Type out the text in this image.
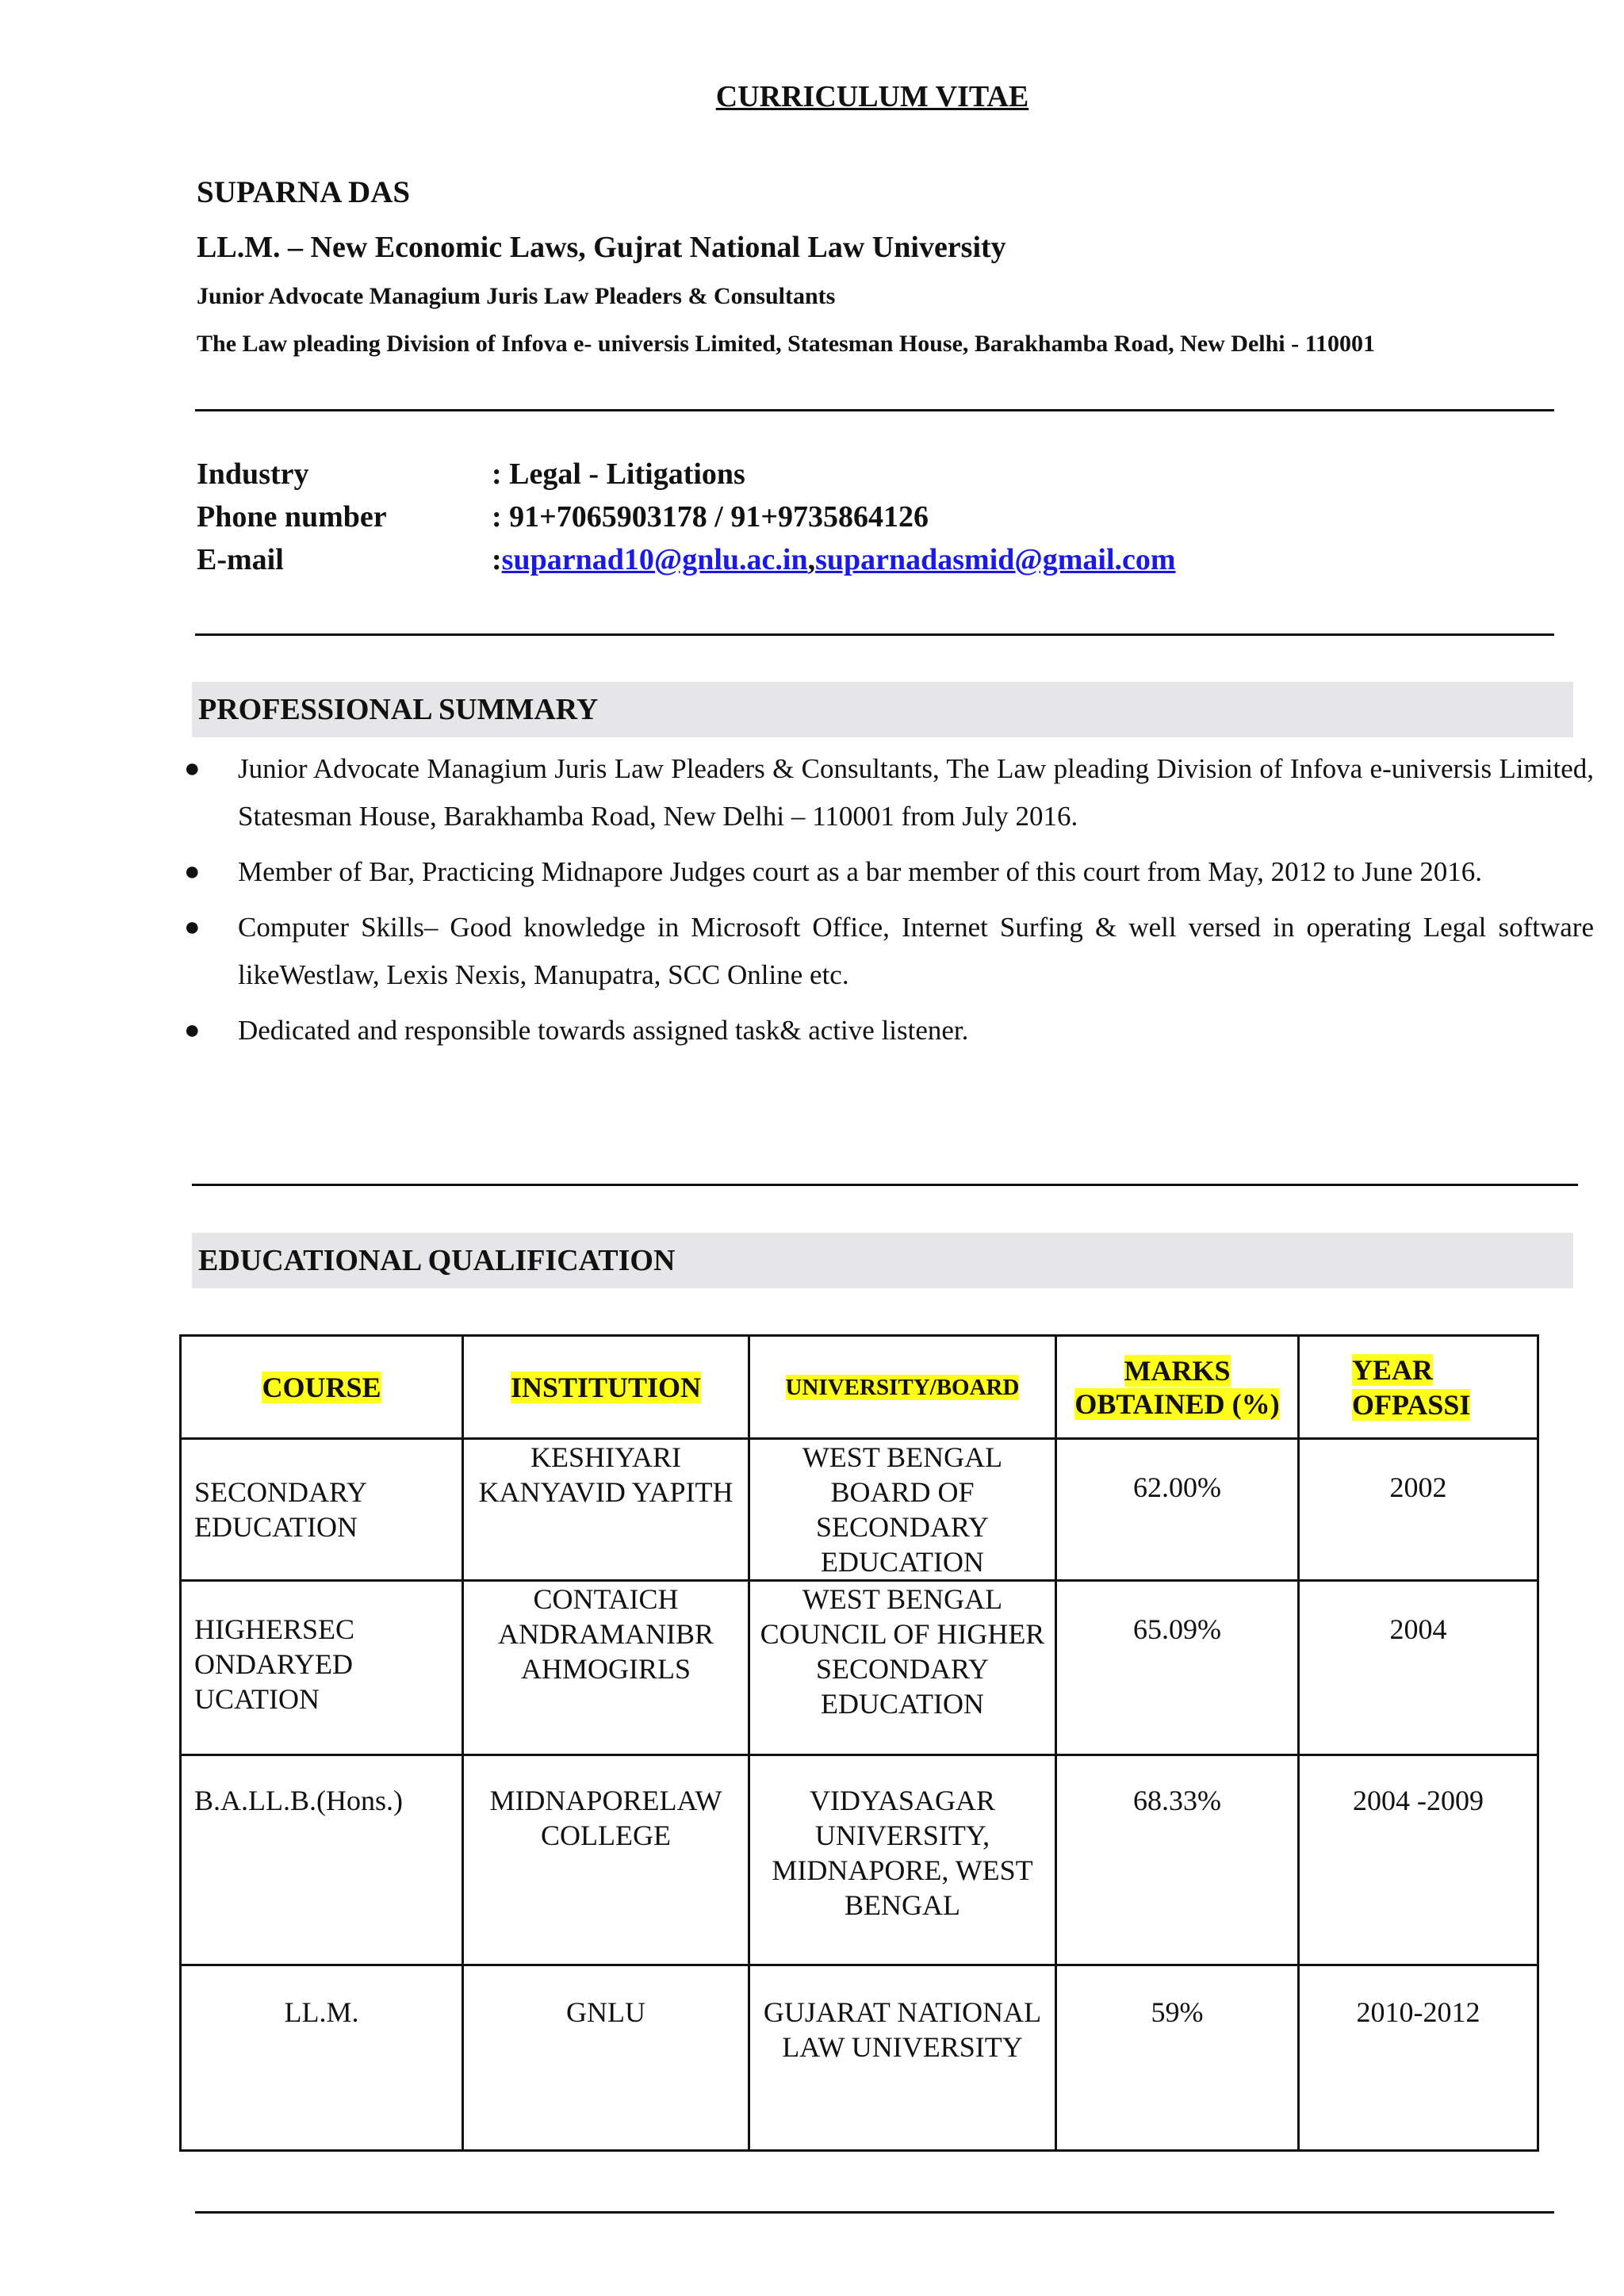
CURRICULUM VITAE
SUPARNA DAS
LL.M. – New Economic Laws, Gujrat National Law University
Junior Advocate Managium Juris Law Pleaders & Consultants
The Law pleading Division of Infova e- universis Limited, Statesman House, Barakhamba Road, New Delhi - 110001
Industry	: Legal - Litigations
Phone number	: 91+7065903178 / 91+9735864126
E-mail	:suparnad10@gnlu.ac.in,suparnadasmid@gmail.com
PROFESSIONAL SUMMARY
● Junior Advocate Managium Juris Law Pleaders & Consultants, The Law pleading Division of Infova e-universis Limited, Statesman House, Barakhamba Road, New Delhi – 110001 from July 2016.
● Member of Bar, Practicing Midnapore Judges court as a bar member of this court from May, 2012 to June 2016.
● Computer Skills– Good knowledge in Microsoft Office, Internet Surfing & well versed in operating Legal software likeWestlaw, Lexis Nexis, Manupatra, SCC Online etc.
● Dedicated and responsible towards assigned task& active listener.
EDUCATIONAL QUALIFICATION
COURSE	INSTITUTION	UNIVERSITY/BOARD	MARKS OBTAINED (%)	YEAR OFPASSI
SECONDARY EDUCATION	KESHIYARI KANYAVID YAPITH	WEST BENGAL BOARD OF SECONDARY EDUCATION	62.00%	2002
HIGHERSEC ONDARYED UCATION	CONTAICH ANDRAMANIBR AHMOGIRLS	WEST BENGAL COUNCIL OF HIGHER SECONDARY EDUCATION	65.09%	2004
B.A.LL.B.(Hons.)	MIDNAPORELAW COLLEGE	VIDYASAGAR UNIVERSITY, MIDNAPORE, WEST BENGAL	68.33%	2004 -2009
LL.M.	GNLU	GUJARAT NATIONAL LAW UNIVERSITY	59%	2010-2012
